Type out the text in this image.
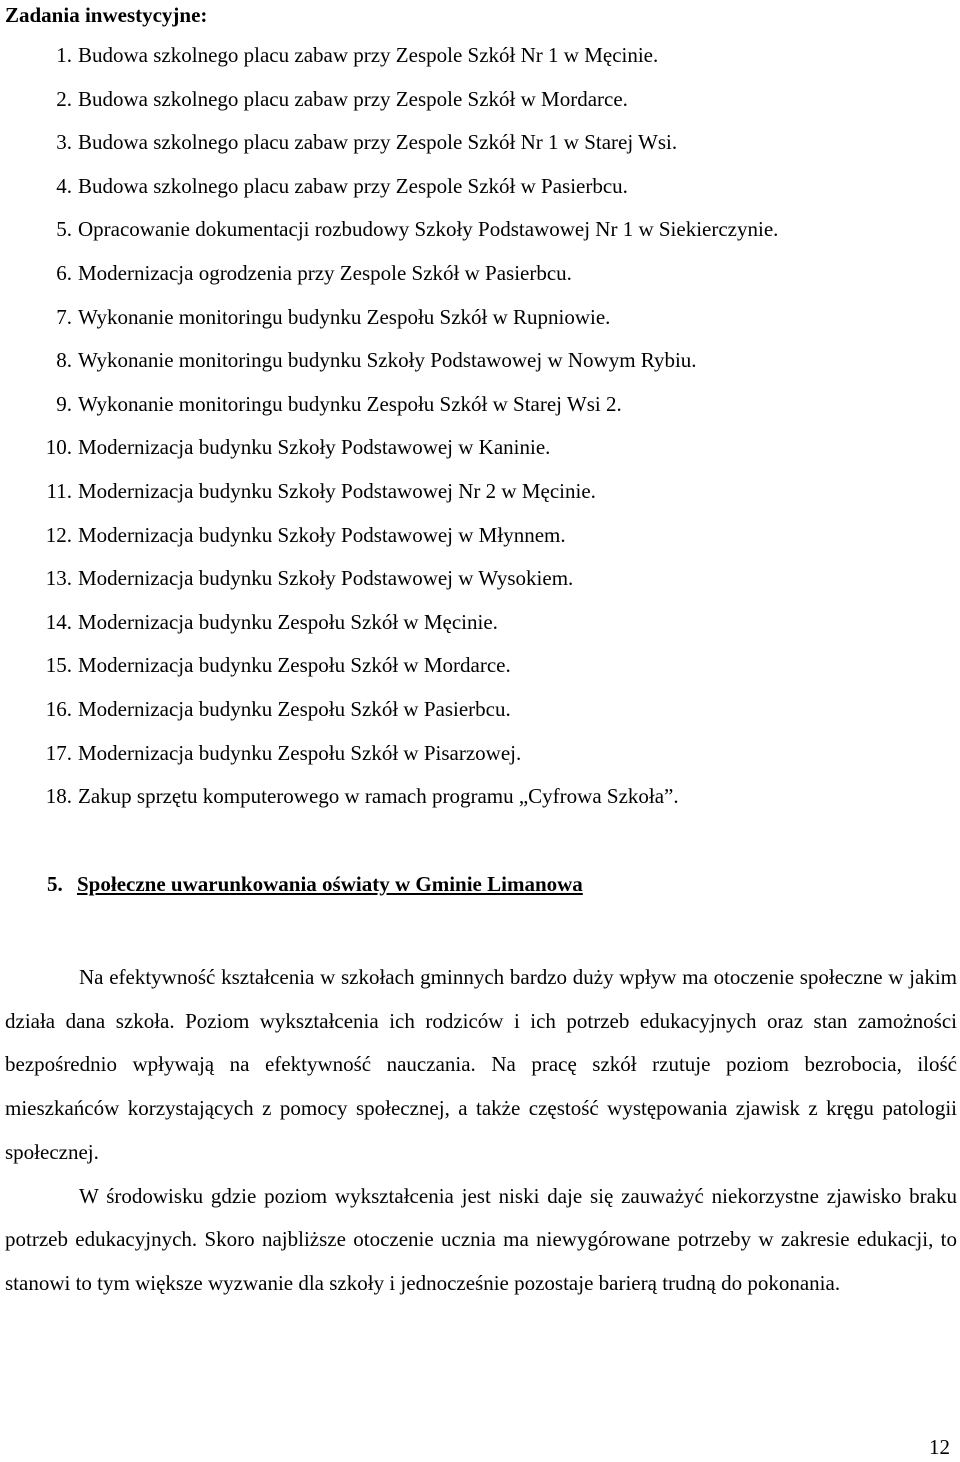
Zadania inwestycyjne:
1. Budowa szkolnego placu zabaw przy Zespole Szkół Nr 1 w Męcinie.
2. Budowa szkolnego placu zabaw przy Zespole Szkół w Mordarce.
3. Budowa szkolnego placu zabaw przy Zespole Szkół Nr 1 w Starej Wsi.
4. Budowa szkolnego placu zabaw przy Zespole Szkół w Pasierbcu.
5. Opracowanie dokumentacji rozbudowy Szkoły Podstawowej Nr 1 w Siekierczynie.
6. Modernizacja ogrodzenia przy Zespole Szkół w Pasierbcu.
7. Wykonanie monitoringu budynku Zespołu Szkół w Rupniowie.
8. Wykonanie monitoringu budynku Szkoły Podstawowej w Nowym Rybiu.
9. Wykonanie monitoringu budynku Zespołu Szkół w Starej Wsi 2.
10. Modernizacja budynku Szkoły Podstawowej w Kaninie.
11. Modernizacja budynku Szkoły Podstawowej Nr 2 w Męcinie.
12. Modernizacja budynku Szkoły Podstawowej w Młynnem.
13. Modernizacja budynku Szkoły Podstawowej w Wysokiem.
14. Modernizacja budynku Zespołu Szkół w Męcinie.
15. Modernizacja budynku Zespołu Szkół w Mordarce.
16. Modernizacja budynku Zespołu Szkół w Pasierbcu.
17. Modernizacja budynku Zespołu Szkół w Pisarzowej.
18. Zakup sprzętu komputerowego w ramach programu „Cyfrowa Szkoła”.
5. Społeczne uwarunkowania oświaty w Gminie Limanowa

Na efektywność kształcenia w szkołach gminnych bardzo duży wpływ ma otoczenie społeczne w jakim działa dana szkoła. Poziom wykształcenia ich rodziców i ich potrzeb edukacyjnych oraz stan zamożności bezpośrednio wpływają na efektywność nauczania. Na pracę szkół rzutuje poziom bezrobocia, ilość mieszkańców korzystających z pomocy społecznej, a także częstość występowania zjawisk z kręgu patologii społecznej.

W środowisku gdzie poziom wykształcenia jest niski daje się zauważyć niekorzystne zjawisko braku potrzeb edukacyjnych. Skoro najbliższe otoczenie ucznia ma niewygórowane potrzeby w zakresie edukacji, to stanowi to tym większe wyzwanie dla szkoły i jednocześnie pozostaje barierą trudną do pokonania.

12
